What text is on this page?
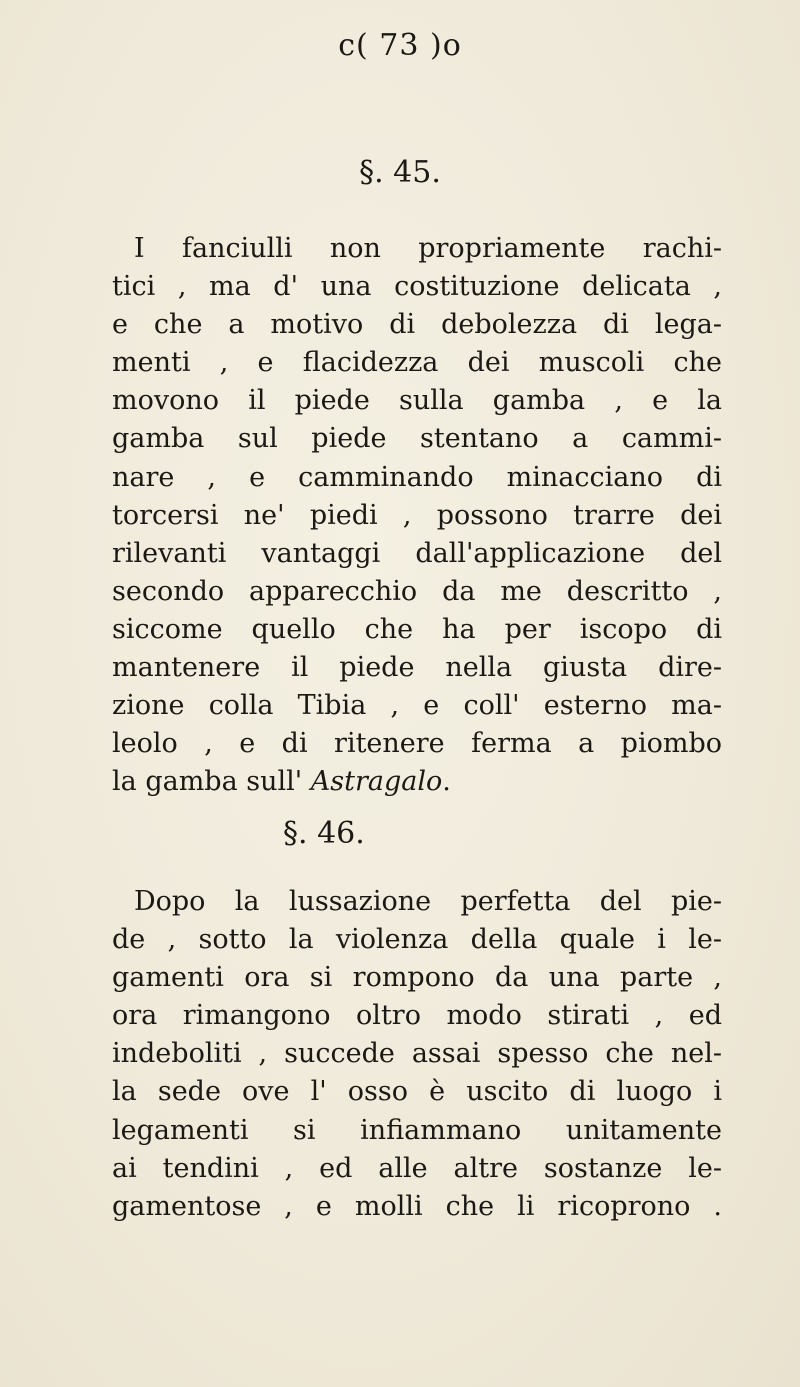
c( 73 )o
§. 45.
I fanciulli non propriamente rachi-
tici , ma d' una costituzione delicata ,
e che a motivo di debolezza di lega-
menti , e flacidezza dei muscoli che
movono il piede sulla gamba , e la
gamba sul piede stentano a cammi-
nare , e camminando minacciano di
torcersi ne' piedi , possono trarre dei
rilevanti vantaggi dall'applicazione del
secondo apparecchio da me descritto ,
siccome quello che ha per iscopo di
mantenere il piede nella giusta dire-
zione colla Tibia , e coll' esterno ma-
leolo , e di ritenere ferma a piombo
la gamba sull' Astragalo.
§. 46.
Dopo la lussazione perfetta del pie-
de , sotto la violenza della quale i le-
gamenti ora si rompono da una parte ,
ora rimangono oltro modo stirati , ed
indeboliti , succede assai spesso che nel-
la sede ove l' osso è uscito di luogo i
legamenti si infiammano unitamente
ai tendini , ed alle altre sostanze le-
gamentose , e molli che li ricoprono .
